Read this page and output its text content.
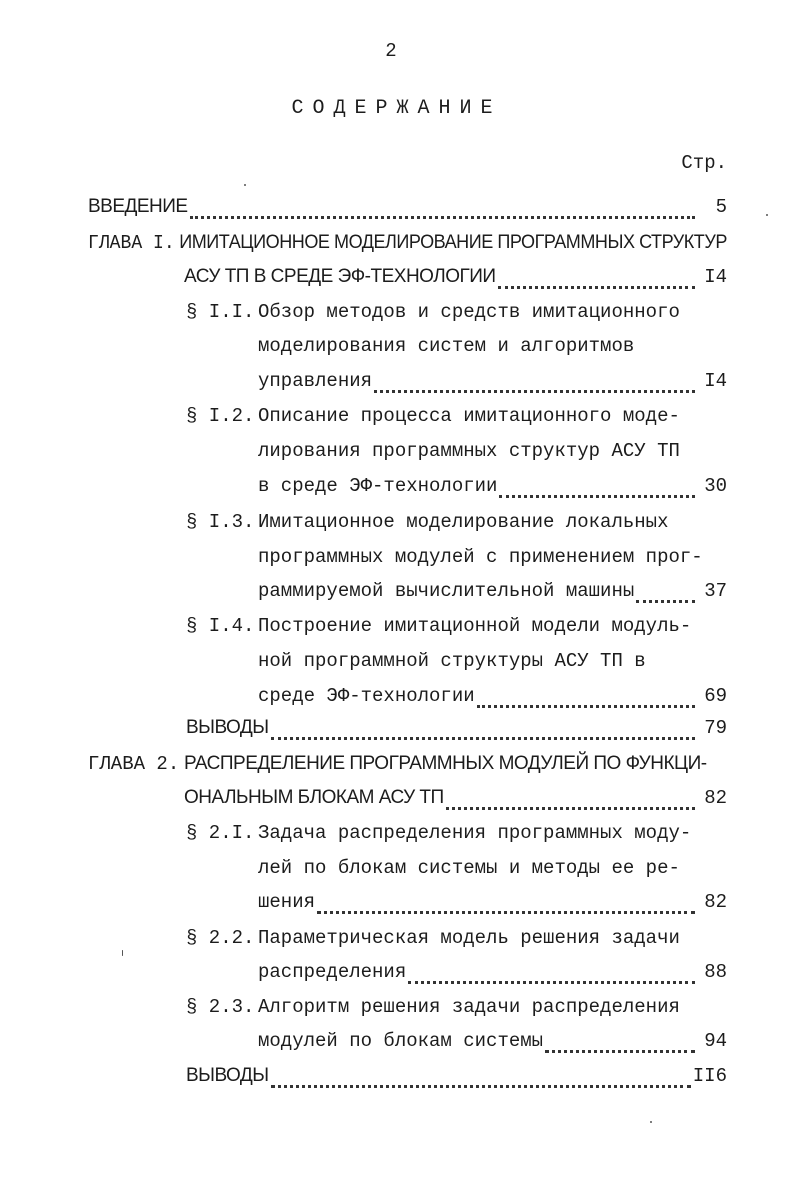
2
СОДЕРЖАНИЕ
Стр.
ВВЕДЕНИЕ	5
ГЛАВА I. ИМИТАЦИОННОЕ МОДЕЛИРОВАНИЕ ПРОГРАММНЫХ СТРУКТУР
АСУ ТП В СРЕДЕ ЭФ-ТЕХНОЛОГИИ	I4
§ I.I. Обзор методов и средств имитационного
моделирования систем и алгоритмов
управления	I4
§ I.2. Описание процесса имитационного моде-
лирования программных структур АСУ ТП
в среде ЭФ-технологии	30
§ I.3. Имитационное моделирование локальных
программных модулей с применением прог-
раммируемой вычислительной машины	37
§ I.4. Построение имитационной модели модуль-
ной программной структуры АСУ ТП в
среде ЭФ-технологии	69
ВЫВОДЫ	79
ГЛАВА 2. РАСПРЕДЕЛЕНИЕ ПРОГРАММНЫХ МОДУЛЕЙ ПО ФУНКЦИ-
ОНАЛЬНЫМ БЛОКАМ АСУ ТП	82
§ 2.I. Задача распределения программных моду-
лей по блокам системы и методы ее ре-
шения	82
§ 2.2. Параметрическая модель решения задачи
распределения	88
§ 2.3. Алгоритм решения задачи распределения
модулей по блокам системы	94
ВЫВОДЫ	II6
